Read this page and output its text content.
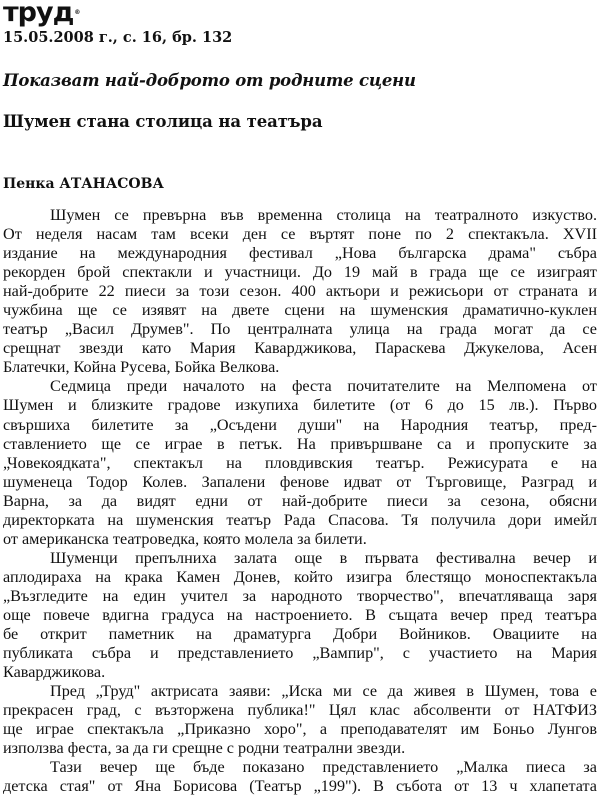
труд®
15.05.2008 г., с. 16, бр. 132
Показват най-доброто от родните сцени
Шумен стана столица на театъра
Пенка АТАНАСОВА
Шумен се превърна във временна столица на театралното изкуство.
От неделя насам там всеки ден се въртят поне по 2 спектакъла. XVII
издание на международния фестивал „Нова българска драма" събра
рекорден брой спектакли и участници. До 19 май в града ще се изиграят
най-добрите 22 пиеси за този сезон. 400 актьори и режисьори от страната и
чужбина ще се изявят на двете сцени на шуменския драматично-куклен
театър „Васил Друмев". По централната улица на града могат да се
срещнат звезди като Мария Каварджикова, Параскева Джукелова, Асен
Блатечки, Койна Русева, Бойка Велкова.
Седмица преди началото на феста почитателите на Мелпомена от
Шумен и близките градове изкупиха билетите (от 6 до 15 лв.). Първо
свършиха билетите за „Осъдени души" на Народния театър, пред-
ставлението ще се играе в петък. На привършване са и пропуските за
„Човекоядката", спектакъл на пловдивския театър. Режисурата е на
шуменеца Тодор Колев. Запалени фенове идват от Търговище, Разград и
Варна, за да видят едни от най-добрите пиеси за сезона, обясни
директорката на шуменския театър Рада Спасова. Тя получила дори имейл
от американска театроведка, която молела за билети.
Шуменци препълниха залата още в първата фестивална вечер и
аплодираха на крака Камен Донев, който изигра блестящо моноспектакъла
„Възгледите на един учител за народното творчество", впечатляваща заря
още повече вдигна градуса на настроението. В същата вечер пред театъра
бе открит паметник на драматурга Добри Войников. Овациите на
публиката събра и представлението „Вампир", с участието на Мария
Каварджикова.
Пред „Труд" актрисата заяви: „Иска ми се да живея в Шумен, това е
прекрасен град, с възторжена публика!" Цял клас абсолвенти от НАТФИЗ
ще играе спектакъла „Приказно хоро", а преподавателят им Боньо Лунгов
използва феста, за да ги срещне с родни театрални звезди.
Тази вечер ще бъде показано представлението „Малка пиеса за
детска стая" от Яна Борисова (Театър „199"). В събота от 13 ч хлапетата
